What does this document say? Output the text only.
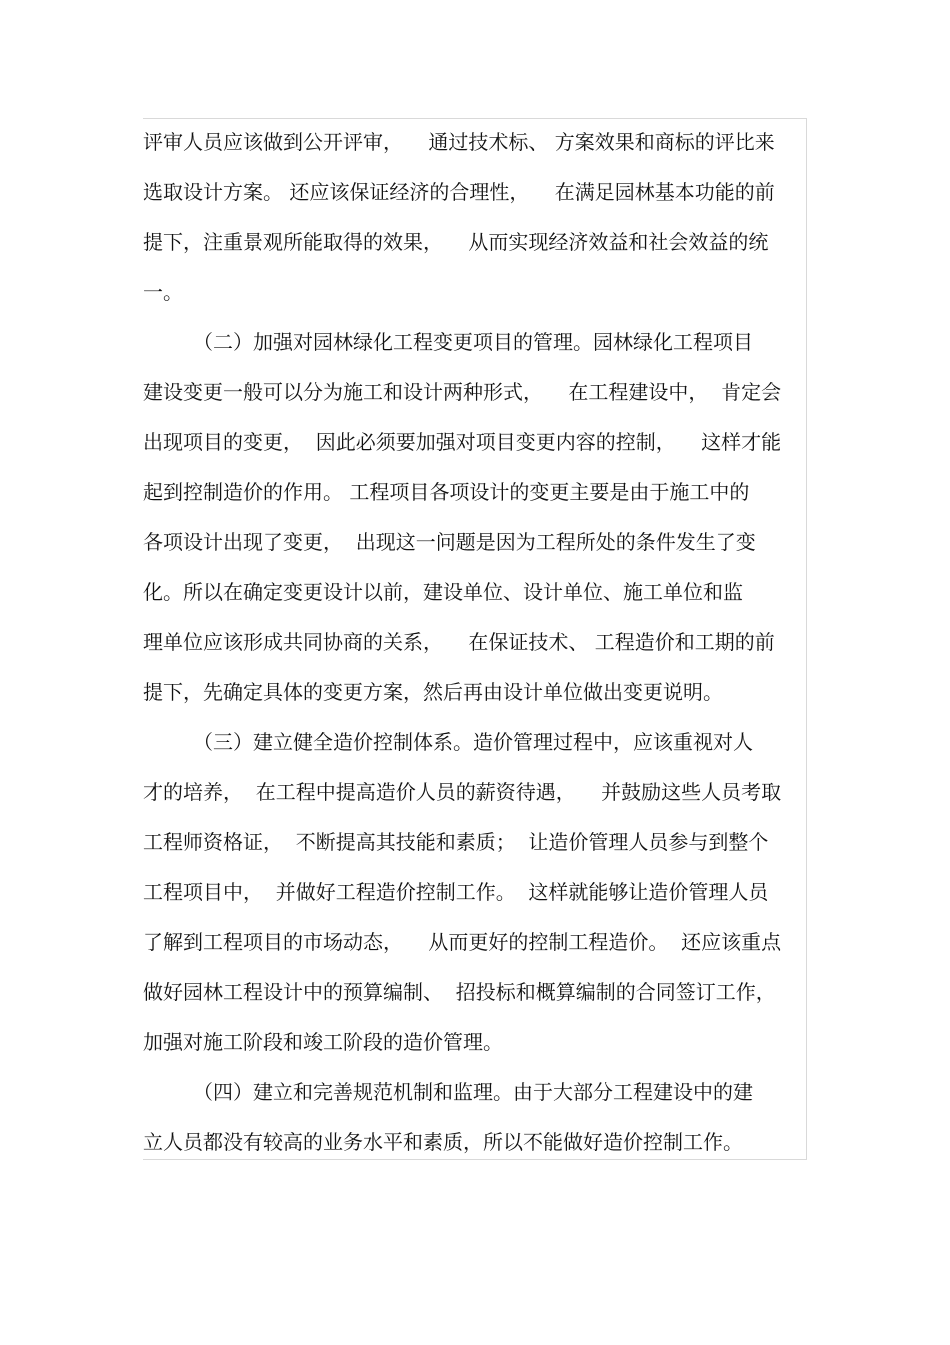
评审人员应该做到公开评审，    通过技术标、 方案效果和商标的评比来
选取设计方案。 还应该保证经济的合理性，    在满足园林基本功能的前
提下，注重景观所能取得的效果，    从而实现经济效益和社会效益的统
一。
（二）加强对园林绿化工程变更项目的管理。园林绿化工程项目
建设变更一般可以分为施工和设计两种形式，    在工程建设中，  肯定会
出现项目的变更，  因此必须要加强对项目变更内容的控制，    这样才能
起到控制造价的作用。 工程项目各项设计的变更主要是由于施工中的
各项设计出现了变更，  出现这一问题是因为工程所处的条件发生了变
化。所以在确定变更设计以前，建设单位、设计单位、施工单位和监
理单位应该形成共同协商的关系，    在保证技术、 工程造价和工期的前
提下，先确定具体的变更方案，然后再由设计单位做出变更说明。
（三）建立健全造价控制体系。造价管理过程中，应该重视对人
才的培养，  在工程中提高造价人员的薪资待遇，    并鼓励这些人员考取
工程师资格证，  不断提高其技能和素质；  让造价管理人员参与到整个
工程项目中，  并做好工程造价控制工作。  这样就能够让造价管理人员
了解到工程项目的市场动态，    从而更好的控制工程造价。  还应该重点
做好园林工程设计中的预算编制、  招投标和概算编制的合同签订工作，
加强对施工阶段和竣工阶段的造价管理。
（四）建立和完善规范机制和监理。由于大部分工程建设中的建
立人员都没有较高的业务水平和素质，所以不能做好造价控制工作。
